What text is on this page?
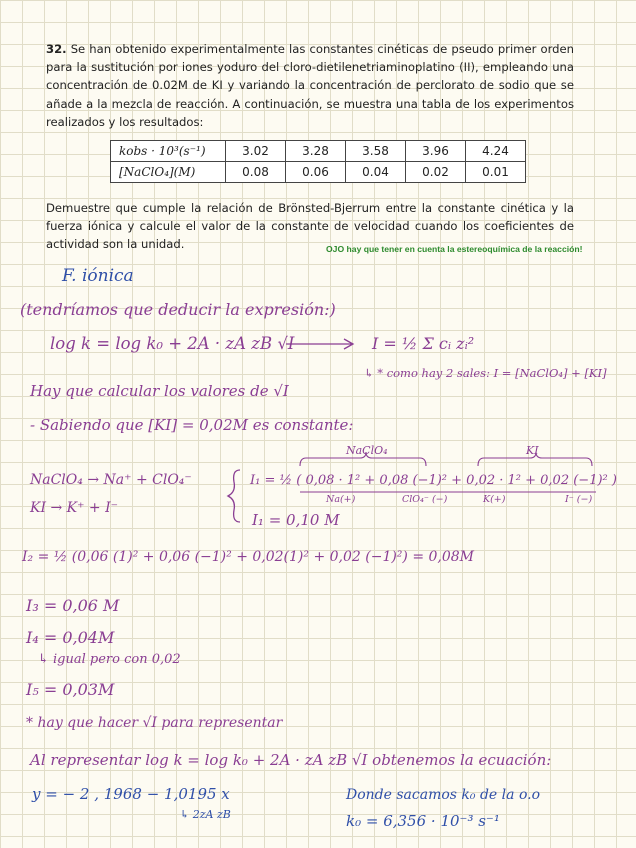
32. Se han obtenido experimentalmente las constantes cinéticas de pseudo primer orden para la sustitución por iones yoduro del cloro-dietilenetriaminoplatino (II), empleando una concentración de 0.02M de KI y variando la concentración de perclorato de sodio que se añade a la mezcla de reacción. A continuación, se muestra una tabla de los experimentos realizados y los resultados:

kobs · 10³(s⁻¹)	3.02	3.28	3.58	3.96	4.24
[NaClO₄](M)	0.08	0.06	0.04	0.02	0.01

Demuestre que cumple la relación de Brönsted-Bjerrum entre la constante cinética y la fuerza iónica y calcule el valor de la constante de velocidad cuando los coeficientes de actividad son la unidad.	OJO hay que tener en cuenta la estereoquímica de la reacción!
F. iónica
(tendríamos que deducir la expresión:)
log k = log k₀ + 2A · zA zB √I	I = ½ Σ cᵢ zᵢ²
↳ * como hay 2 sales: I = [NaClO₄] + [KI]
Hay que calcular los valores de √I
- Sabiendo que [KI] = 0,02M es constante:
NaClO₄	KI
NaClO₄ → Na⁺ + ClO₄⁻
KI → K⁺ + I⁻
I₁ = ½ ( 0,08 · 1² + 0,08 (−1)² + 0,02 · 1² + 0,02 (−1)² )
Na(+)	ClO₄⁻ (−)	K(+)	I⁻ (−)
I₁ = 0,10 M
I₂ = ½ (0,06 (1)² + 0,06 (−1)² + 0,02(1)² + 0,02 (−1)²) = 0,08M
I₃ = 0,06 M
I₄ = 0,04M
↳ igual pero con 0,02
I₅ = 0,03M
* hay que hacer √I para representar
Al representar log k = log k₀ + 2A · zA zB √I obtenemos la ecuación:
y = − 2 , 1968 − 1,0195 x
↳ 2zA zB
Donde sacamos k₀ de la o.o
k₀ = 6,356 · 10⁻³ s⁻¹
